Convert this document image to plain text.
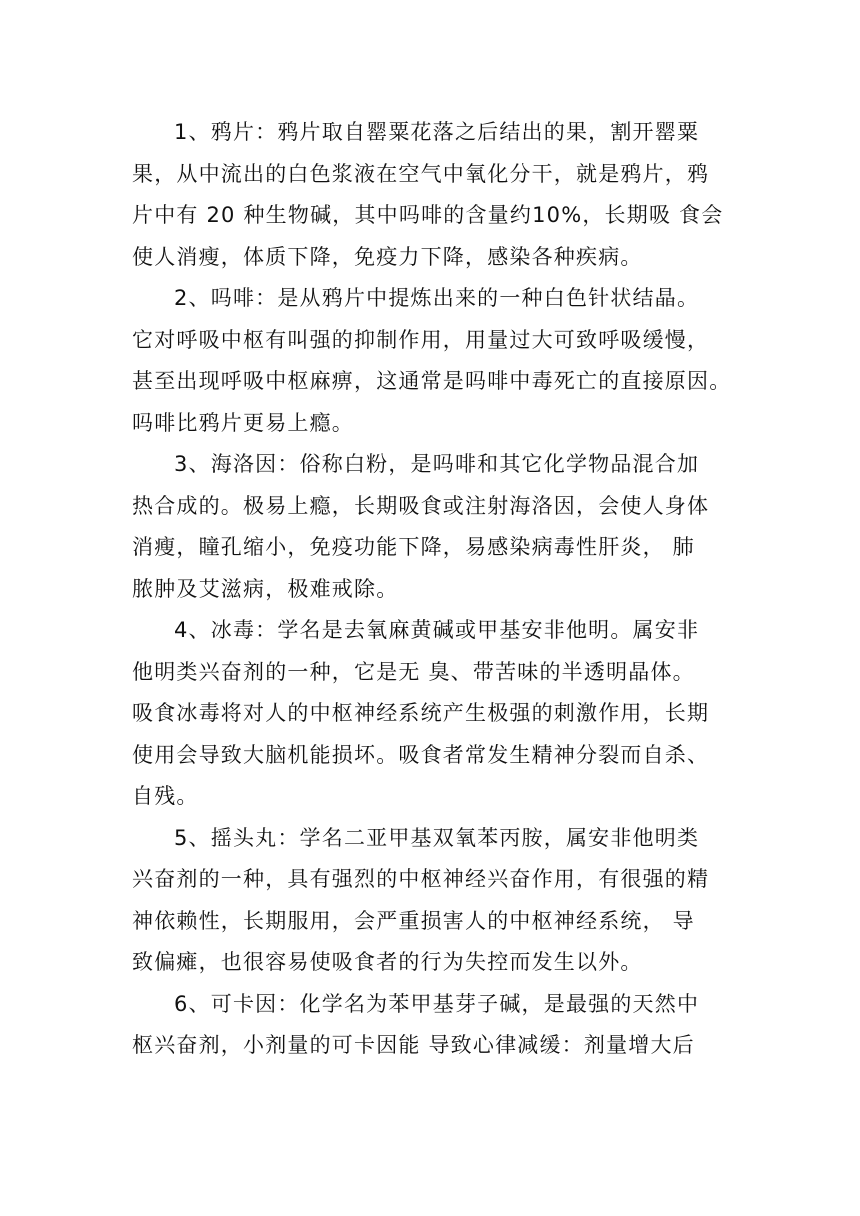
1、鸦片：鸦片取自罂粟花落之后结出的果，割开罂粟
果，从中流出的白色浆液在空气中氧化分干，就是鸦片，鸦
片中有 20 种生物碱，其中吗啡的含量约10%，长期吸 食会
使人消瘦，体质下降，免疫力下降，感染各种疾病。
2、吗啡：是从鸦片中提炼出来的一种白色针状结晶。
它对呼吸中枢有叫强的抑制作用，用量过大可致呼吸缓慢，
甚至出现呼吸中枢麻痹，这通常是吗啡中毒死亡的直接原因。
吗啡比鸦片更易上瘾。
3、海洛因：俗称白粉，是吗啡和其它化学物品混合加
热合成的。极易上瘾，长期吸食或注射海洛因，会使人身体
消瘦，瞳孔缩小，免疫功能下降，易感染病毒性肝炎， 肺
脓肿及艾滋病，极难戒除。
4、冰毒：学名是去氧麻黄碱或甲基安非他明。属安非
他明类兴奋剂的一种，它是无 臭、带苦味的半透明晶体。
吸食冰毒将对人的中枢神经系统产生极强的刺激作用，长期
使用会导致大脑机能损坏。吸食者常发生精神分裂而自杀、
自残。
5、摇头丸：学名二亚甲基双氧苯丙胺，属安非他明类
兴奋剂的一种，具有强烈的中枢神经兴奋作用，有很强的精
神依赖性，长期服用，会严重损害人的中枢神经系统， 导
致偏瘫，也很容易使吸食者的行为失控而发生以外。
6、可卡因：化学名为苯甲基芽子碱，是最强的天然中
枢兴奋剂，小剂量的可卡因能 导致心律减缓：剂量增大后
